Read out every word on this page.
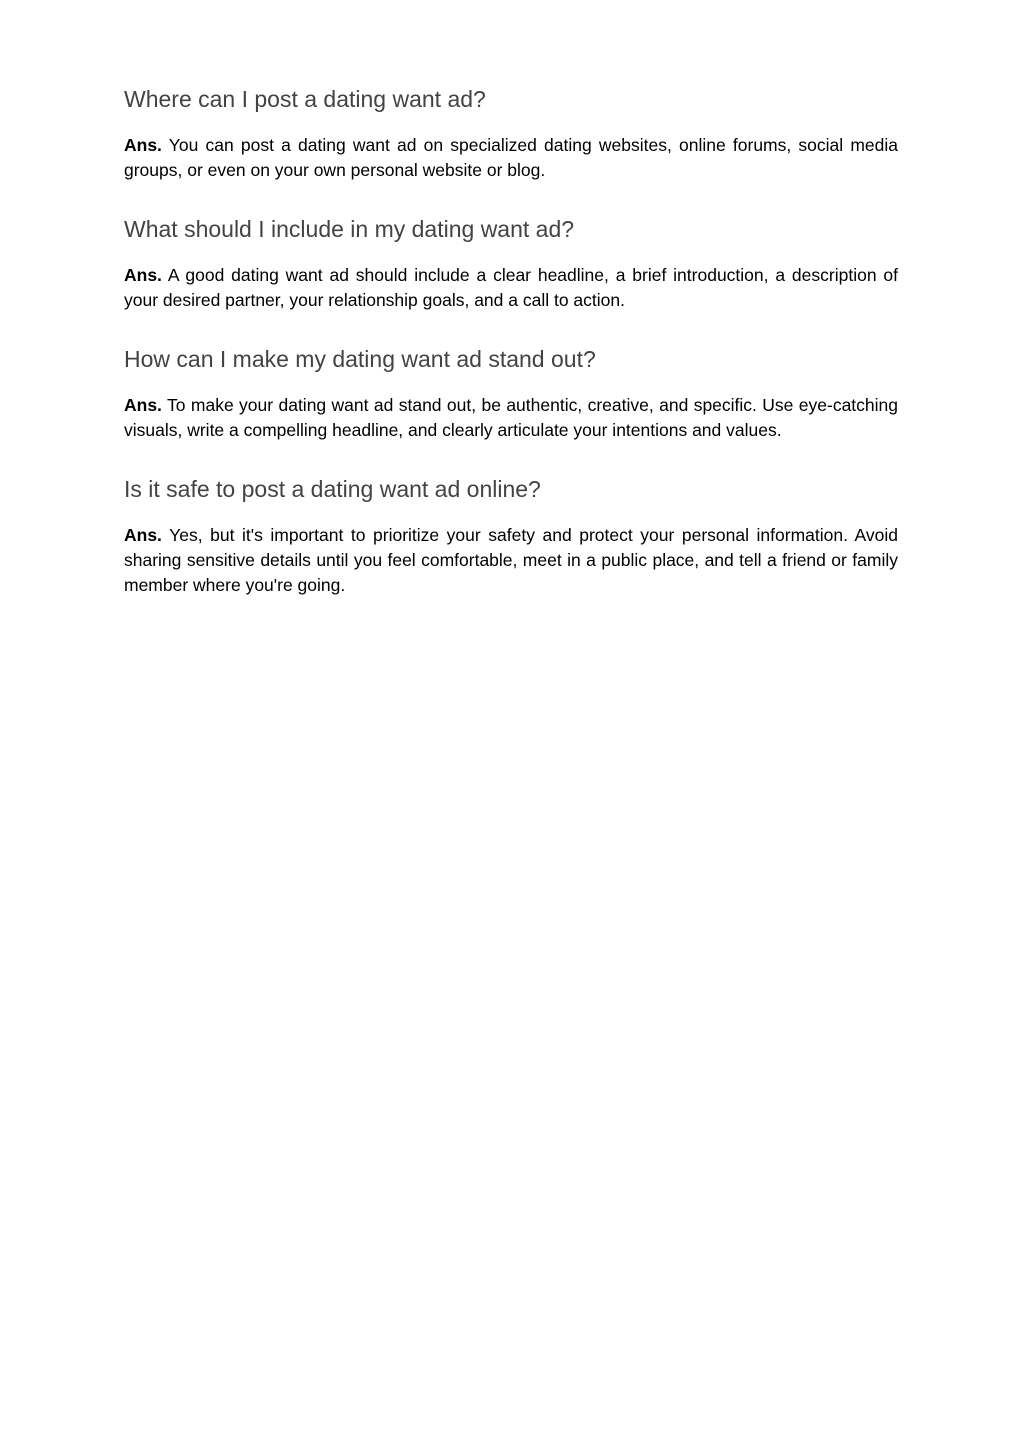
Where can I post a dating want ad?

Ans. You can post a dating want ad on specialized dating websites, online forums, social media groups, or even on your own personal website or blog.

What should I include in my dating want ad?

Ans. A good dating want ad should include a clear headline, a brief introduction, a description of your desired partner, your relationship goals, and a call to action.

How can I make my dating want ad stand out?

Ans. To make your dating want ad stand out, be authentic, creative, and specific. Use eye-catching visuals, write a compelling headline, and clearly articulate your intentions and values.

Is it safe to post a dating want ad online?

Ans. Yes, but it's important to prioritize your safety and protect your personal information. Avoid sharing sensitive details until you feel comfortable, meet in a public place, and tell a friend or family member where you're going.
